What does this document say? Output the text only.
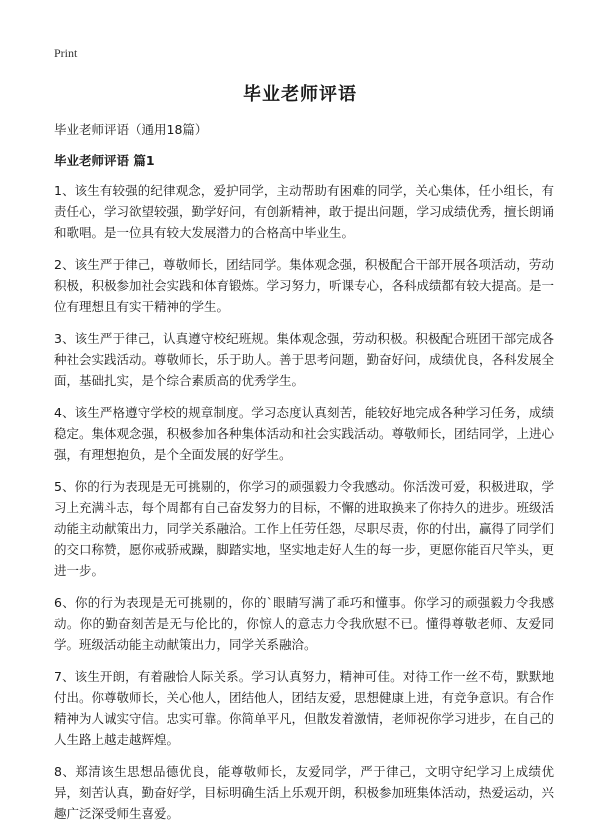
Print
毕业老师评语
毕业老师评语（通用18篇）
毕业老师评语 篇1

1、该生有较强的纪律观念，爱护同学，主动帮助有困难的同学，关心集体，任小组长，有责任心，学习欲望较强，勤学好问，有创新精神，敢于提出问题，学习成绩优秀，擅长朗诵和歌唱。是一位具有较大发展潜力的合格高中毕业生。

2、该生严于律己，尊敬师长，团结同学。集体观念强，积极配合干部开展各项活动，劳动积极，积极参加社会实践和体育锻炼。学习努力，听课专心，各科成绩都有较大提高。是一位有理想且有实干精神的学生。

3、该生严于律己，认真遵守校纪班规。集体观念强，劳动积极。积极配合班团干部完成各种社会实践活动。尊敬师长，乐于助人。善于思考问题，勤奋好问，成绩优良，各科发展全面，基础扎实，是个综合素质高的优秀学生。

4、该生严格遵守学校的规章制度。学习态度认真刻苦，能较好地完成各种学习任务，成绩稳定。集体观念强，积极参加各种集体活动和社会实践活动。尊敬师长，团结同学，上进心强，有理想抱负，是个全面发展的好学生。

5、你的行为表现是无可挑剔的，你学习的顽强毅力令我感动。你活泼可爱，积极进取，学习上充满斗志，每个周都有自己奋发努力的目标，不懈的进取换来了你持久的进步。班级活动能主动献策出力，同学关系融洽。工作上任劳任怨，尽职尽责，你的付出，赢得了同学们的交口称赞，愿你戒骄戒躁，脚踏实地，坚实地走好人生的每一步，更愿你能百尺竿头，更进一步。

6、你的行为表现是无可挑剔的，你的`眼睛写满了乖巧和懂事。你学习的顽强毅力令我感动。你的勤奋刻苦是无与伦比的，你惊人的意志力令我欣慰不已。懂得尊敬老师、友爱同学。班级活动能主动献策出力，同学关系融洽。

7、该生开朗，有着融恰人际关系。学习认真努力，精神可佳。对待工作一丝不苟，默默地付出。你尊敬师长，关心他人，团结他人，团结友爱，思想健康上进，有竞争意识。有合作精神为人诚实守信。忠实可靠。你简单平凡，但散发着激情，老师祝你学习进步，在自己的人生路上越走越辉煌。

8、郑清该生思想品德优良，能尊敬师长，友爱同学，严于律己，文明守纪学习上成绩优异，刻苦认真，勤奋好学，目标明确生活上乐观开朗，积极参加班集体活动，热爱运动，兴趣广泛深受师生喜爱。
